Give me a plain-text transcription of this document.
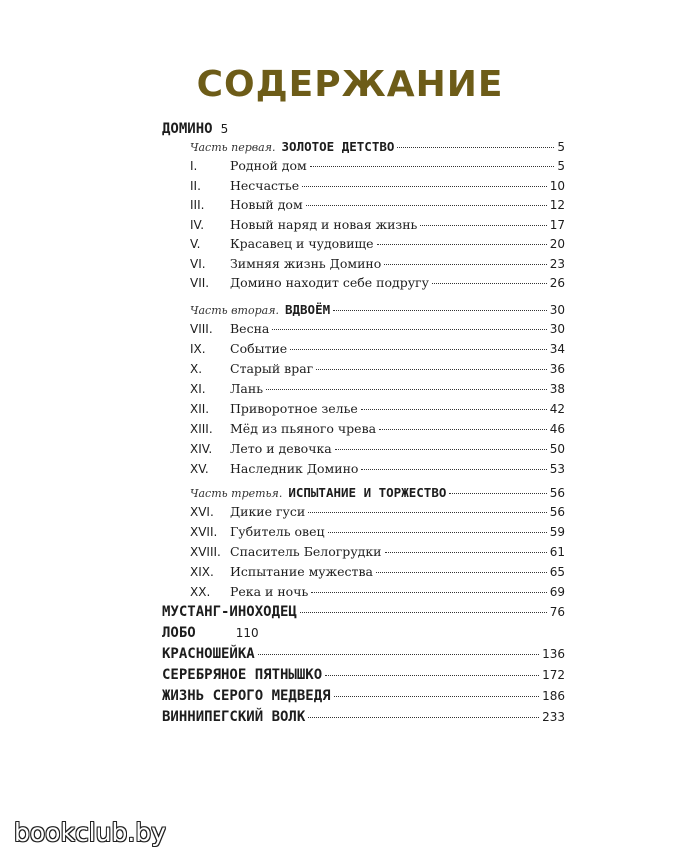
СОДЕРЖАНИЕ
ДОМИНО 5
Часть первая. ЗОЛОТОЕ ДЕТСТВО	5
I.	Родной дом	5
II.	Несчастье	10
III.	Новый дом	12
IV.	Новый наряд и новая жизнь	17
V.	Красавец и чудовище	20
VI.	Зимняя жизнь Домино	23
VII.	Домино находит себе подругу	26
Часть вторая. ВДВОЁМ	30
VIII.	Весна	30
IX.	Событие	34
X.	Старый враг	36
XI.	Лань	38
XII.	Приворотное зелье	42
XIII.	Мёд из пьяного чрева	46
XIV.	Лето и девочка	50
XV.	Наследник Домино	53
Часть третья. ИСПЫТАНИЕ И ТОРЖЕСТВО	56
XVI.	Дикие гуси	56
XVII.	Губитель овец	59
XVIII. Спаситель Белогрудки	61
XIX.	Испытание мужества	65
XX.	Река и ночь	69
МУСТАНГ-ИНОХОДЕЦ	76
ЛОБО	110
КРАСНОШЕЙКА	136
СЕРЕБРЯНОЕ ПЯТНЫШКО	172
ЖИЗНЬ СЕРОГО МЕДВЕДЯ	186
ВИННИПЕГСКИЙ ВОЛК	233
bookclub.by
